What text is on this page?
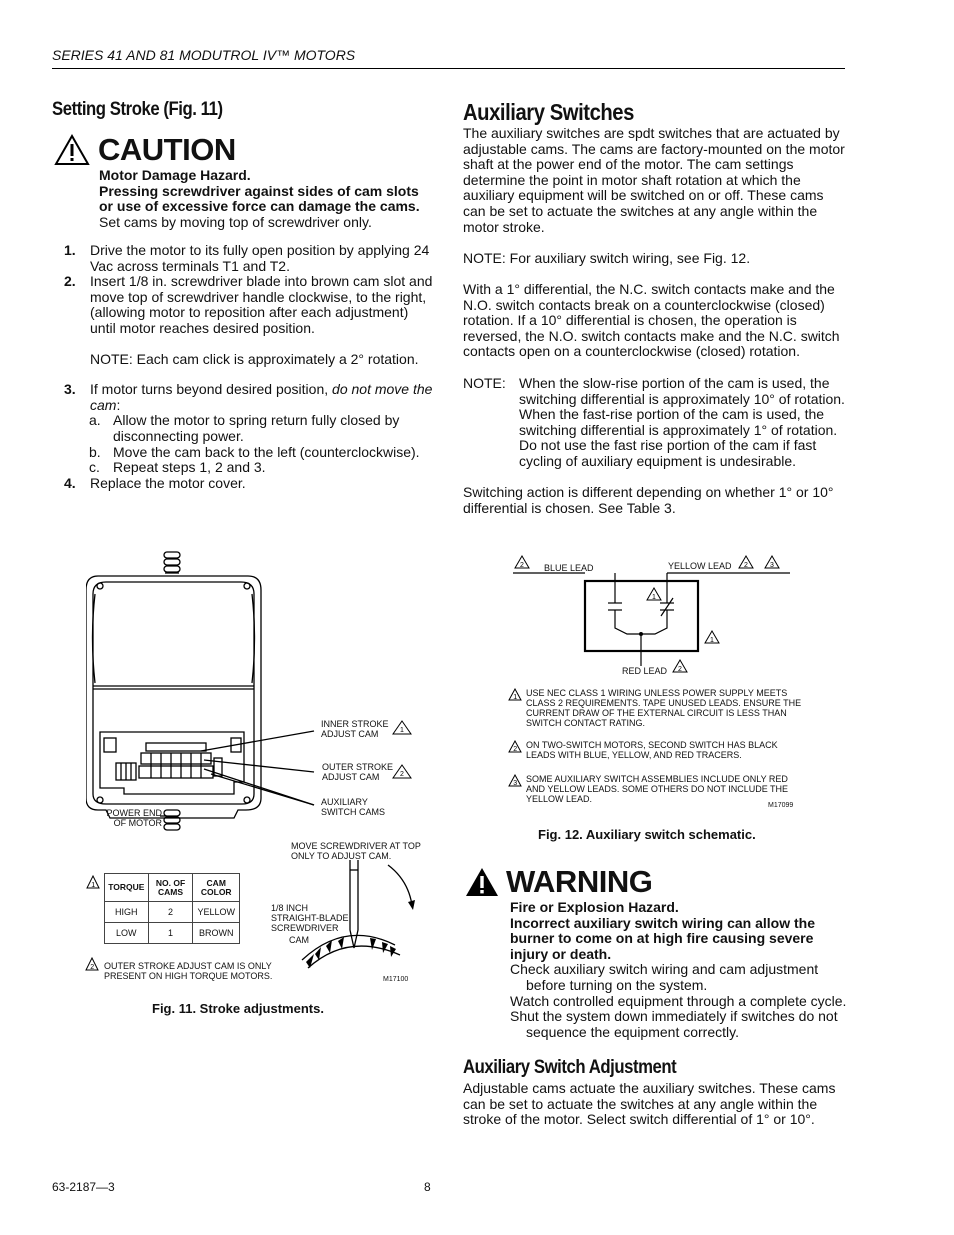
SERIES 41 AND 81 MODUTROL IV™ MOTORS
Setting Stroke (Fig. 11)
CAUTION
Motor Damage Hazard.
Pressing screwdriver against sides of cam slots or use of excessive force can damage the cams.
Set cams by moving top of screwdriver only.
1. Drive the motor to its fully open position by applying 24 Vac across terminals T1 and T2.
2. Insert 1/8 in. screwdriver blade into brown cam slot and move top of screwdriver handle clockwise, to the right, (allowing motor to reposition after each adjustment) until motor reaches desired position.
NOTE: Each cam click is approximately a 2° rotation.
3. If motor turns beyond desired position, do not move the cam:
a. Allow the motor to spring return fully closed by disconnecting power.
b. Move the cam back to the left (counterclockwise).
c. Repeat steps 1, 2 and 3.
4. Replace the motor cover.
1
2
INNER STROKE ADJUST CAM
OUTER STROKE ADJUST CAM
AUXILIARY SWITCH CAMS
POWER END OF MOTOR
MOVE SCREWDRIVER AT TOP ONLY TO ADJUST CAM.
1/8 INCH STRAIGHT-BLADE SCREWDRIVER
CAM
M17100
1 TORQUE	NO. OF CAMS	CAM COLOR
HIGH	2	YELLOW
LOW	1	BROWN
2 OUTER STROKE ADJUST CAM IS ONLY PRESENT ON HIGH TORQUE MOTORS.
Fig. 11. Stroke adjustments.
Auxiliary Switches
The auxiliary switches are spdt switches that are actuated by adjustable cams. The cams are factory-mounted on the motor shaft at the power end of the motor. The cam settings determine the point in motor shaft rotation at which the auxiliary equipment will be switched on or off. These cams can be set to actuate the switches at any angle within the motor stroke.
NOTE: For auxiliary switch wiring, see Fig. 12.
With a 1° differential, the N.C. switch contacts make and the N.O. switch contacts break on a counterclockwise (closed) rotation. If a 10° differential is chosen, the operation is reversed, the N.O. switch contacts make and the N.C. switch contacts open on a counterclockwise (closed) rotation.
NOTE: When the slow-rise portion of the cam is used, the switching differential is approximately 10° of rotation. When the fast-rise portion of the cam is used, the switching differential is approximately 1° of rotation. Do not use the fast rise portion of the cam if fast cycling of auxiliary equipment is undesirable.
Switching action is different depending on whether 1° or 10° differential is chosen. See Table 3.
2	2	3
1
1
2
BLUE LEAD	YELLOW LEAD
RED LEAD
1 USE NEC CLASS 1 WIRING UNLESS POWER SUPPLY MEETS CLASS 2 REQUIREMENTS. TAPE UNUSED LEADS. ENSURE THE CURRENT DRAW OF THE EXTERNAL CIRCUIT IS LESS THAN SWITCH CONTACT RATING.
2 ON TWO-SWITCH MOTORS, SECOND SWITCH HAS BLACK LEADS WITH BLUE, YELLOW, AND RED TRACERS.
3 SOME AUXILIARY SWITCH ASSEMBLIES INCLUDE ONLY RED AND YELLOW LEADS. SOME OTHERS DO NOT INCLUDE THE YELLOW LEAD.
M17099
Fig. 12. Auxiliary switch schematic.
WARNING
Fire or Explosion Hazard.
Incorrect auxiliary switch wiring can allow the burner to come on at high fire causing severe injury or death.
Check auxiliary switch wiring and cam adjustment before turning on the system.
Watch controlled equipment through a complete cycle.
Shut the system down immediately if switches do not sequence the equipment correctly.
Auxiliary Switch Adjustment
Adjustable cams actuate the auxiliary switches. These cams can be set to actuate the switches at any angle within the stroke of the motor. Select switch differential of 1° or 10°.
63-2187—3	8
